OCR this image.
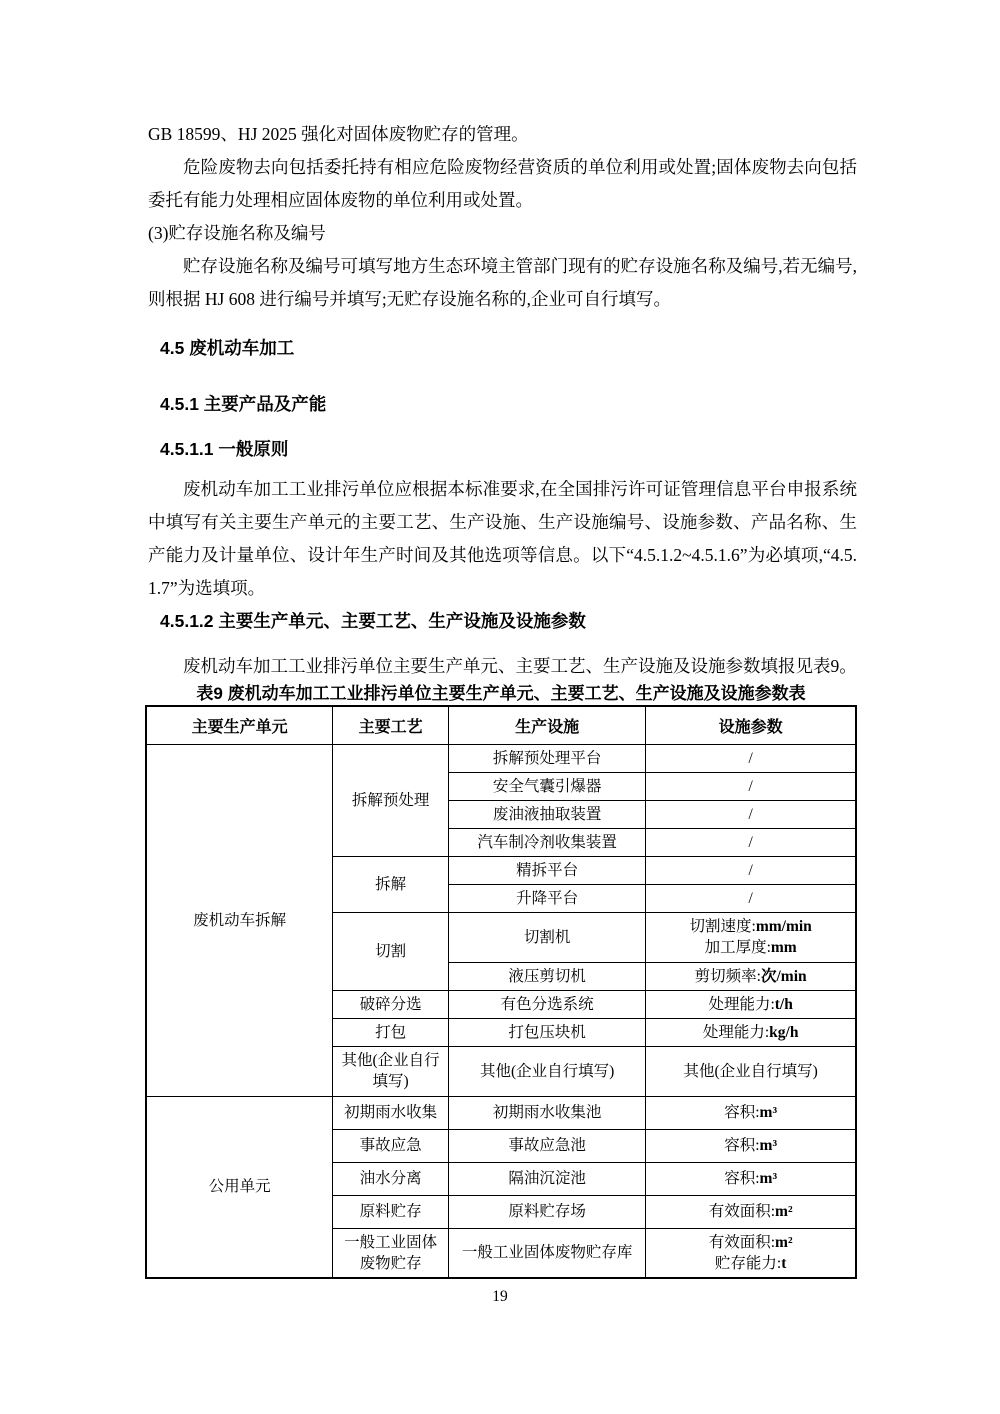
GB 18599、HJ 2025 强化对固体废物贮存的管理。

危险废物去向包括委托持有相应危险废物经营资质的单位利用或处置;固体废物去向包括委托有能力处理相应固体废物的单位利用或处置。

(3)贮存设施名称及编号

贮存设施名称及编号可填写地方生态环境主管部门现有的贮存设施名称及编号,若无编号,则根据 HJ 608 进行编号并填写;无贮存设施名称的,企业可自行填写。

4.5 废机动车加工
4.5.1 主要产品及产能
4.5.1.1 一般原则

废机动车加工工业排污单位应根据本标准要求,在全国排污许可证管理信息平台申报系统中填写有关主要生产单元的主要工艺、生产设施、生产设施编号、设施参数、产品名称、生产能力及计量单位、设计年生产时间及其他选项等信息。以下“4.5.1.2~4.5.1.6”为必填项,“4.5.1.7”为选填项。

4.5.1.2 主要生产单元、主要工艺、生产设施及设施参数

废机动车加工工业排污单位主要生产单元、主要工艺、生产设施及设施参数填报见表9。

表9 废机动车加工工业排污单位主要生产单元、主要工艺、生产设施及设施参数表
主要生产单元	主要工艺	生产设施	设施参数
废机动车拆解	拆解预处理	拆解预处理平台	/

		安全气囊引爆器	/

		废油液抽取装置	/

		汽车制冷剂收集装置	/

	拆解	精拆平台	/

		升降平台	/

	切割	切割机	切割速度:mm/min
加工厚度:mm

		液压剪切机	剪切频率:次/min

	破碎分选	有色分选系统	处理能力:t/h

	打包	打包压块机	处理能力:kg/h

	其他(企业自行填写)	其他(企业自行填写)	其他(企业自行填写)

公用单元	初期雨水收集	初期雨水收集池	容积:m³

	事故应急	事故应急池	容积:m³

	油水分离	隔油沉淀池	容积:m³

	原料贮存	原料贮存场	有效面积:m²

	一般工业固体废物贮存	一般工业固体废物贮存库	有效面积:m²
贮存能力:t
19
